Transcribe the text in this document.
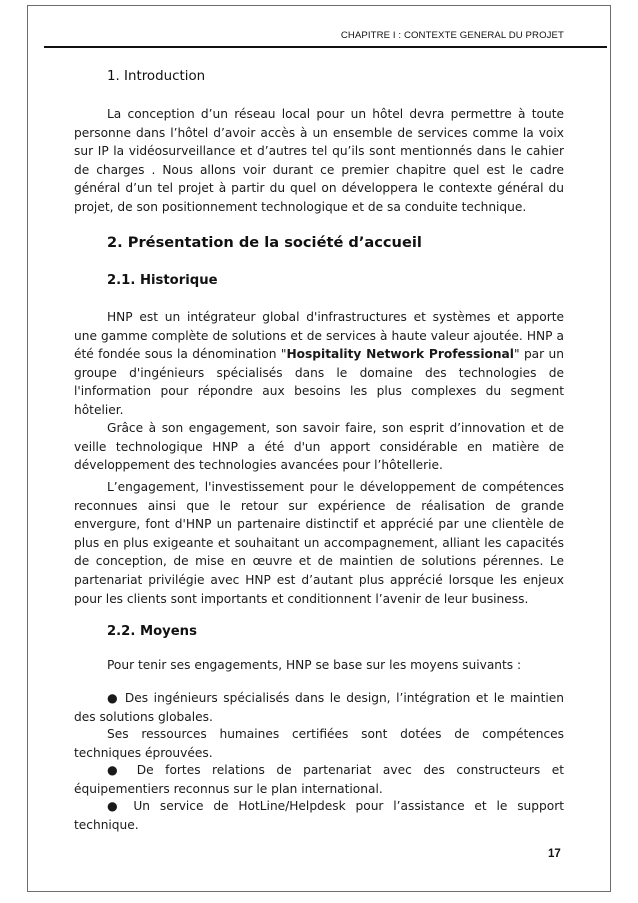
CHAPITRE I : CONTEXTE GENERAL DU PROJET
1. Introduction

La conception d’un réseau local pour un hôtel devra permettre à toute personne dans l’hôtel d’avoir accès à un ensemble de services comme la voix sur IP la vidéosurveillance et d’autres tel qu’ils sont mentionnés dans le cahier de charges . Nous allons voir durant ce premier chapitre quel est le cadre général d’un tel projet à partir du quel on développera le contexte général du projet, de son positionnement technologique et de sa conduite technique.

2. Présentation de la société d’accueil
2.1. Historique

HNP est un intégrateur global d'infrastructures et systèmes et apporte une gamme complète de solutions et de services à haute valeur ajoutée. HNP a été fondée sous la dénomination "Hospitality Network Professional" par un groupe d'ingénieurs spécialisés dans le domaine des technologies de l'information pour répondre aux besoins les plus complexes du segment hôtelier.

Grâce à son engagement, son savoir faire, son esprit d’innovation et de veille technologique HNP a été d'un apport considérable en matière de développement des technologies avancées pour l’hôtellerie.

L’engagement, l'investissement pour le développement de compétences reconnues ainsi que le retour sur expérience de réalisation de grande envergure, font d'HNP un partenaire distinctif et apprécié par une clientèle de plus en plus exigeante et souhaitant un accompagnement, alliant les capacités de conception, de mise en œuvre et de maintien de solutions pérennes. Le partenariat privilégie avec HNP est d’autant plus apprécié lorsque les enjeux pour les clients sont importants et conditionnent l’avenir de leur business.

2.2. Moyens

Pour tenir ses engagements, HNP se base sur les moyens suivants :

● Des ingénieurs spécialisés dans le design, l’intégration et le maintien des solutions globales.

Ses ressources humaines certifiées sont dotées de compétences techniques éprouvées.

● De fortes relations de partenariat avec des constructeurs et équipementiers reconnus sur le plan international.

● Un service de HotLine/Helpdesk pour l’assistance et le support technique.

17
